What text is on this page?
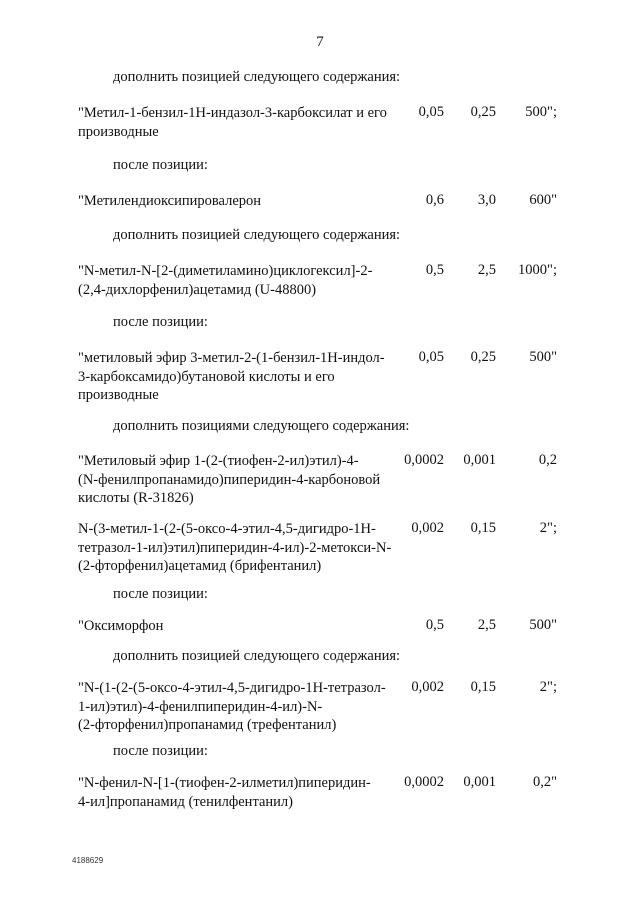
7
дополнить позицией следующего содержания:
"Метил-1-бензил-1Н-индазол-3-карбоксилат и его
производные
0,05 0,25 500";
после позиции:
"Метилендиоксипировалерон	0,6 3,0 600"
дополнить позицией следующего содержания:
"N-метил-N-[2-(диметиламино)циклогексил]-2-
(2,4-дихлорфенил)ацетамид (U-48800)
0,5 2,5 1000";
после позиции:
"метиловый эфир 3-метил-2-(1-бензил-1Н-индол-
3-карбоксамидо)бутановой кислоты и его
производные
0,05 0,25 500"
дополнить позициями следующего содержания:
"Метиловый эфир 1-(2-(тиофен-2-ил)этил)-4-
(N-фенилпропанамидо)пиперидин-4-карбоновой
кислоты (R-31826)
0,0002 0,001	0,2
N-(3-метил-1-(2-(5-оксо-4-этил-4,5-дигидро-1Н-
тетразол-1-ил)этил)пиперидин-4-ил)-2-метокси-N-
(2-фторфенил)ацетамид (брифентанил)
0,002 0,15	2";
после позиции:
"Оксиморфон	0,5 2,5 500"
дополнить позицией следующего содержания:
"N-(1-(2-(5-оксо-4-этил-4,5-дигидро-1Н-тетразол-
1-ил)этил)-4-фенилпиперидин-4-ил)-N-
(2-фторфенил)пропанамид (трефентанил)
0,002 0,15	2";
после позиции:
"N-фенил-N-[1-(тиофен-2-илметил)пиперидин-
4-ил]пропанамид (тенилфентанил)
0,0002 0,001	0,2"
4188629
